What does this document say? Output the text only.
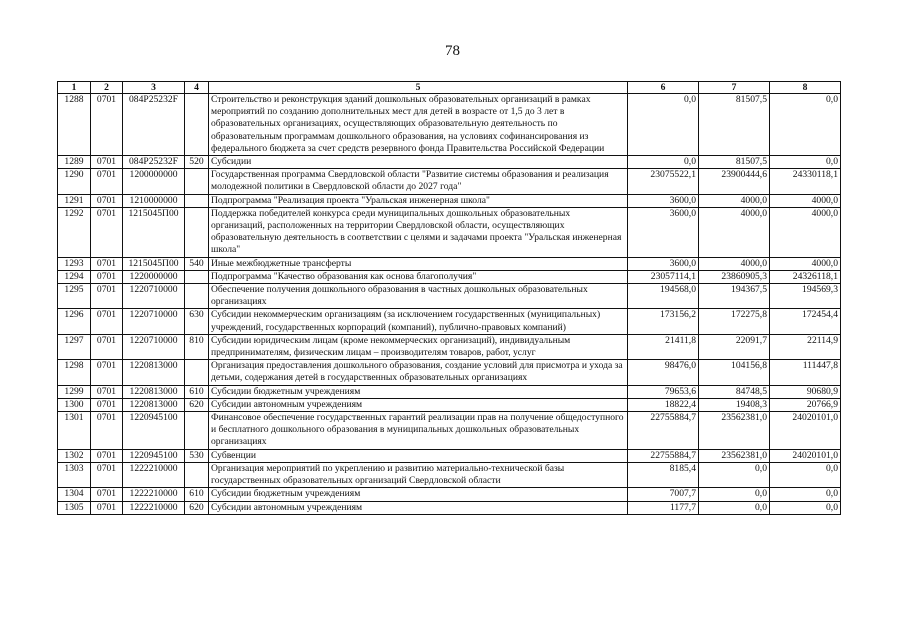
78
1	2	3	4	5	6	7	8
1288	0701	084P25232F		Строительство и реконструкция зданий дошкольных образовательных организаций в рамках мероприятий по созданию дополнительных мест для детей в возрасте от 1,5 до 3 лет в образовательных организациях, осуществляющих образовательную деятельность по образовательным программам дошкольного образования, на условиях софинансирования из федерального бюджета за счет средств резервного фонда Правительства Российской Федерации	0,0	81507,5	0,0
1289	0701	084P25232F	520	Субсидии	0,0	81507,5	0,0
1290	0701	1200000000		Государственная программа Свердловской области "Развитие системы образования и реализация молодежной политики в Свердловской области до 2027 года"	23075522,1	23900444,6	24330118,1
1291	0701	1210000000		Подпрограмма "Реализация проекта "Уральская инженерная школа"	3600,0	4000,0	4000,0
1292	0701	1215045П00		Поддержка победителей конкурса среди муниципальных дошкольных образовательных организаций, расположенных на территории Свердловской области, осуществляющих образовательную деятельность в соответствии с целями и задачами проекта "Уральская инженерная школа"	3600,0	4000,0	4000,0
1293	0701	1215045П00	540	Иные межбюджетные трансферты	3600,0	4000,0	4000,0
1294	0701	1220000000		Подпрограмма "Качество образования как основа благополучия"	23057114,1	23860905,3	24326118,1
1295	0701	1220710000		Обеспечение получения дошкольного образования в частных дошкольных образовательных организациях	194568,0	194367,5	194569,3
1296	0701	1220710000	630	Субсидии некоммерческим организациям (за исключением государственных (муниципальных) учреждений, государственных корпораций (компаний), публично-правовых компаний)	173156,2	172275,8	172454,4
1297	0701	1220710000	810	Субсидии юридическим лицам (кроме некоммерческих организаций), индивидуальным предпринимателям, физическим лицам – производителям товаров, работ, услуг	21411,8	22091,7	22114,9
1298	0701	1220813000		Организация предоставления дошкольного образования, создание условий для присмотра и ухода за детьми, содержания детей в государственных образовательных организациях	98476,0	104156,8	111447,8
1299	0701	1220813000	610	Субсидии бюджетным учреждениям	79653,6	84748,5	90680,9
1300	0701	1220813000	620	Субсидии автономным учреждениям	18822,4	19408,3	20766,9
1301	0701	1220945100		Финансовое обеспечение государственных гарантий реализации прав на получение общедоступного и бесплатного дошкольного образования в муниципальных дошкольных образовательных организациях	22755884,7	23562381,0	24020101,0
1302	0701	1220945100	530	Субвенции	22755884,7	23562381,0	24020101,0
1303	0701	1222210000		Организация мероприятий по укреплению и развитию материально-технической базы государственных образовательных организаций Свердловской области	8185,4	0,0	0,0
1304	0701	1222210000	610	Субсидии бюджетным учреждениям	7007,7	0,0	0,0
1305	0701	1222210000	620	Субсидии автономным учреждениям	1177,7	0,0	0,0
